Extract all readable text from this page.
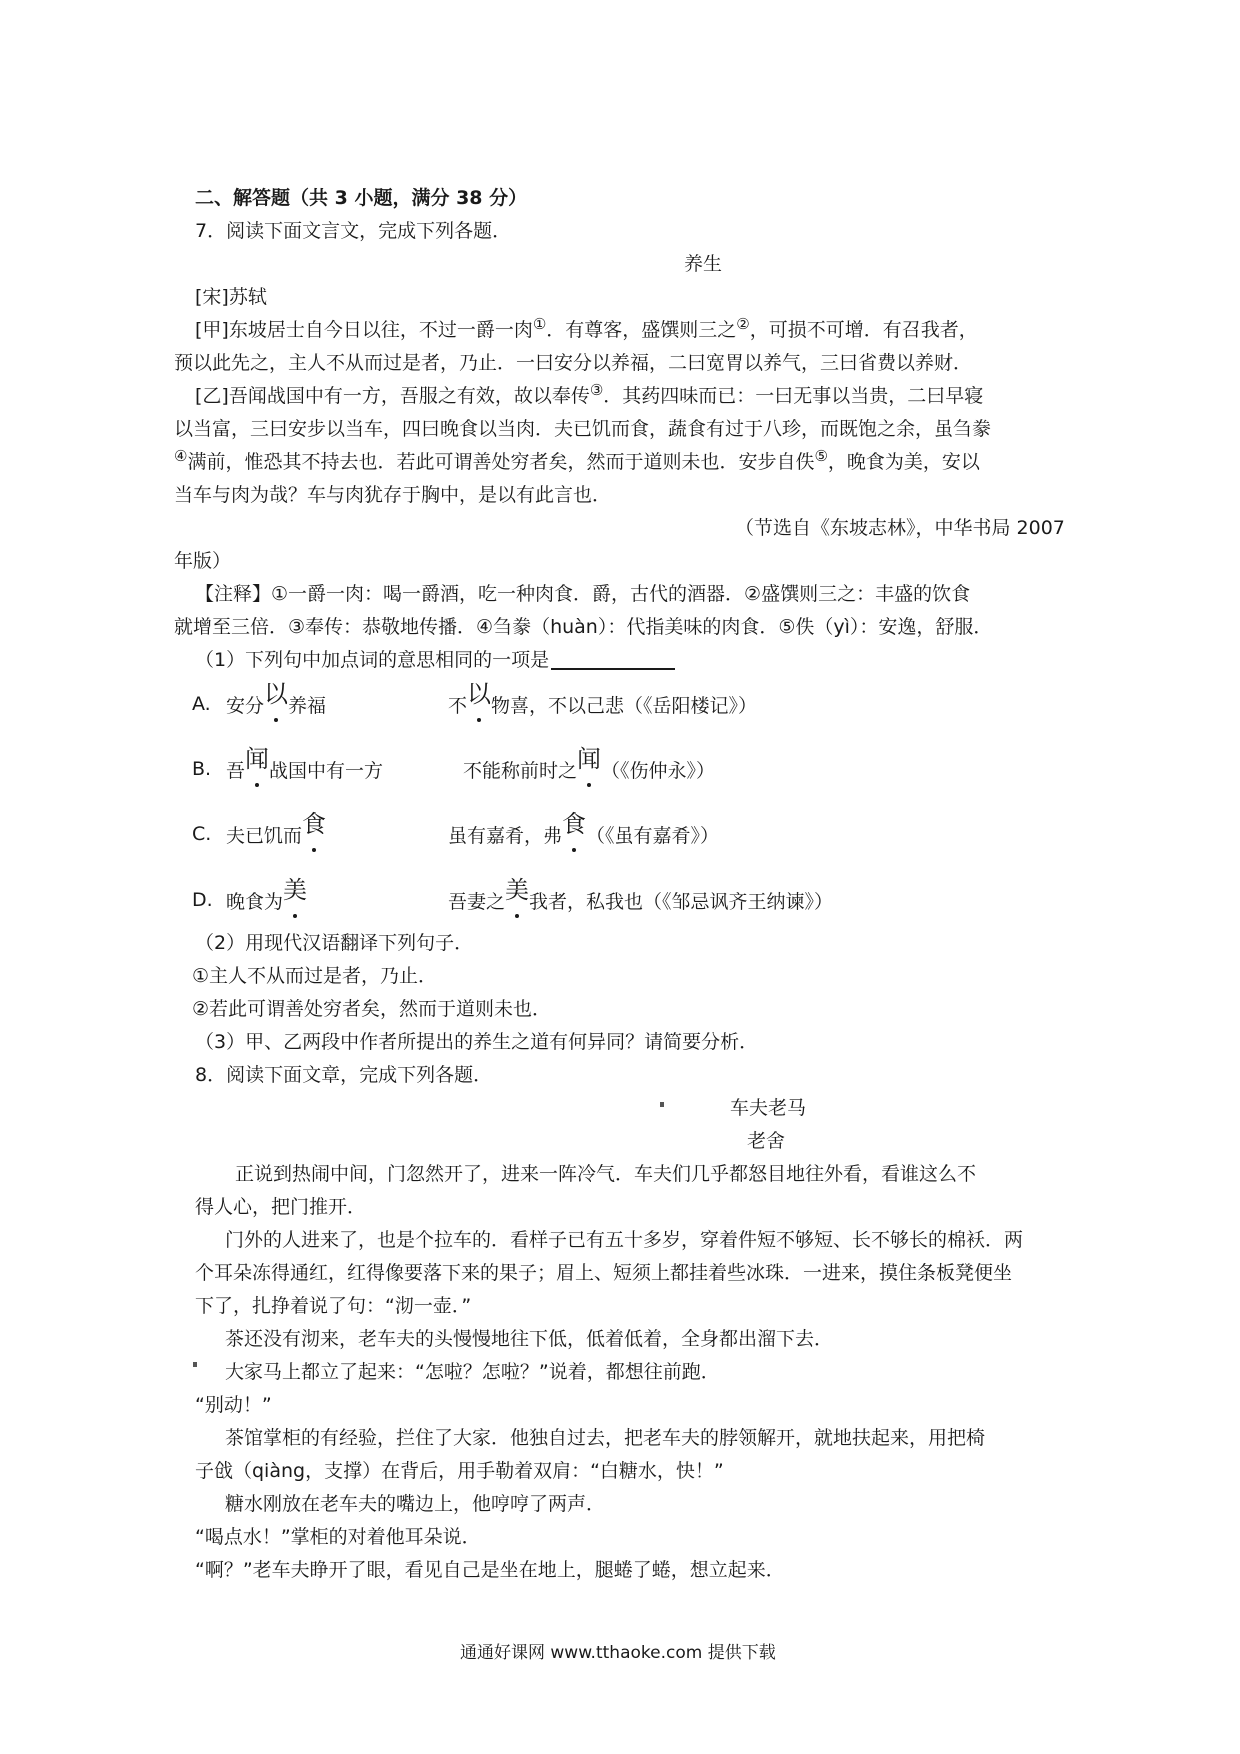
二、解答题（共 3 小题，满分 38 分）
7．阅读下面文言文，完成下列各题．
养生
[宋]苏轼
[甲]东坡居士自今日以往，不过一爵一肉①．有尊客，盛馔则三之②，可损不可增．有召我者，
预以此先之，主人不从而过是者，乃止．一曰安分以养福，二曰宽胃以养气，三曰省费以养财．
[乙]吾闻战国中有一方，吾服之有效，故以奉传③．其药四味而已：一曰无事以当贵，二曰早寝
以当富，三曰安步以当车，四曰晚食以当肉．夫已饥而食，蔬食有过于八珍，而既饱之余，虽刍豢
④满前，惟恐其不持去也．若此可谓善处穷者矣，然而于道则未也．安步自佚⑤，晚食为美，安以
当车与肉为哉？车与肉犹存于胸中，是以有此言也．
（节选自《东坡志林》，中华书局 2007
年版）
【注释】①一爵一肉：喝一爵酒，吃一种肉食．爵，古代的酒器．②盛馔则三之：丰盛的饮食
就增至三倍．③奉传：恭敬地传播．④刍豢（huàn）：代指美味的肉食．⑤佚（yì）：安逸，舒服．
（1）下列句中加点词的意思相同的一项是
A. 安分以养福	不以物喜，不以己悲（《岳阳楼记》）
B. 吾闻战国中有一方	不能称前时之闻（《伤仲永》）
C. 夫已饥而食	虽有嘉肴，弗食（《虽有嘉肴》）
D. 晚食为美	吾妻之美我者，私我也（《邹忌讽齐王纳谏》）
（2）用现代汉语翻译下列句子．
①主人不从而过是者，乃止．
②若此可谓善处穷者矣，然而于道则未也．
（3）甲、乙两段中作者所提出的养生之道有何异同？请简要分析．
8．阅读下面文章，完成下列各题．
车夫老马
老舍
正说到热闹中间，门忽然开了，进来一阵冷气．车夫们几乎都怒目地往外看，看谁这么不
得人心，把门推开．
门外的人进来了，也是个拉车的．看样子已有五十多岁，穿着件短不够短、长不够长的棉袄．两
个耳朵冻得通红，红得像要落下来的果子；眉上、短须上都挂着些冰珠．一进来，摸住条板凳便坐
下了，扎挣着说了句：“沏一壶．”
茶还没有沏来，老车夫的头慢慢地往下低，低着低着，全身都出溜下去．
大家马上都立了起来：“怎啦？怎啦？”说着，都想往前跑．
“别动！”
茶馆掌柜的有经验，拦住了大家．他独自过去，把老车夫的脖领解开，就地扶起来，用把椅
子戗（qiàng，支撑）在背后，用手勒着双肩：“白糖水，快！”
糖水刚放在老车夫的嘴边上，他哼哼了两声．
“喝点水！”掌柜的对着他耳朵说．
“啊？”老车夫睁开了眼，看见自己是坐在地上，腿蜷了蜷，想立起来．
通通好课网 www.tthaoke.com 提供下载
